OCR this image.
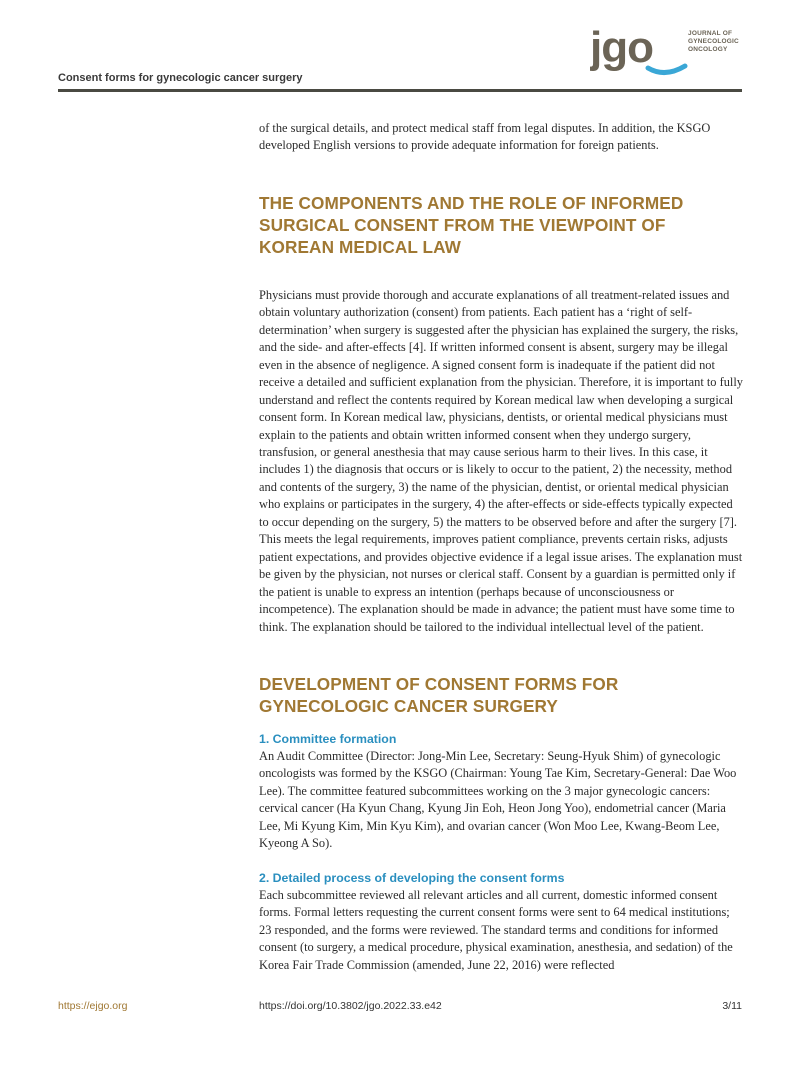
Consent forms for gynecologic cancer surgery
jgo	JOURNAL OF
GYNECOLOGIC
ONCOLOGY

of the surgical details, and protect medical staff from legal disputes. In addition, the KSGO developed English versions to provide adequate information for foreign patients.

THE COMPONENTS AND THE ROLE OF INFORMED SURGICAL CONSENT FROM THE VIEWPOINT OF KOREAN MEDICAL LAW

Physicians must provide thorough and accurate explanations of all treatment-related issues and obtain voluntary authorization (consent) from patients. Each patient has a ‘right of self-determination’ when surgery is suggested after the physician has explained the surgery, the risks, and the side- and after-effects [4]. If written informed consent is absent, surgery may be illegal even in the absence of negligence. A signed consent form is inadequate if the patient did not receive a detailed and sufficient explanation from the physician. Therefore, it is important to fully understand and reflect the contents required by Korean medical law when developing a surgical consent form. In Korean medical law, physicians, dentists, or oriental medical physicians must explain to the patients and obtain written informed consent when they undergo surgery, transfusion, or general anesthesia that may cause serious harm to their lives. In this case, it includes 1) the diagnosis that occurs or is likely to occur to the patient, 2) the necessity, method and contents of the surgery, 3) the name of the physician, dentist, or oriental medical physician who explains or participates in the surgery, 4) the after-effects or side-effects typically expected to occur depending on the surgery, 5) the matters to be observed before and after the surgery [7]. This meets the legal requirements, improves patient compliance, prevents certain risks, adjusts patient expectations, and provides objective evidence if a legal issue arises. The explanation must be given by the physician, not nurses or clerical staff. Consent by a guardian is permitted only if the patient is unable to express an intention (perhaps because of unconsciousness or incompetence). The explanation should be made in advance; the patient must have some time to think. The explanation should be tailored to the individual intellectual level of the patient.

DEVELOPMENT OF CONSENT FORMS FOR GYNECOLOGIC CANCER SURGERY
1. Committee formation

An Audit Committee (Director: Jong-Min Lee, Secretary: Seung-Hyuk Shim) of gynecologic oncologists was formed by the KSGO (Chairman: Young Tae Kim, Secretary-General: Dae Woo Lee). The committee featured subcommittees working on the 3 major gynecologic cancers: cervical cancer (Ha Kyun Chang, Kyung Jin Eoh, Heon Jong Yoo), endometrial cancer (Maria Lee, Mi Kyung Kim, Min Kyu Kim), and ovarian cancer (Won Moo Lee, Kwang-Beom Lee, Kyeong A So).

2. Detailed process of developing the consent forms

Each subcommittee reviewed all relevant articles and all current, domestic informed consent forms. Formal letters requesting the current consent forms were sent to 64 medical institutions; 23 responded, and the forms were reviewed. The standard terms and conditions for informed consent (to surgery, a medical procedure, physical examination, anesthesia, and sedation) of the Korea Fair Trade Commission (amended, June 22, 2016) were reflected

https://ejgo.org	https://doi.org/10.3802/jgo.2022.33.e42	3/11
